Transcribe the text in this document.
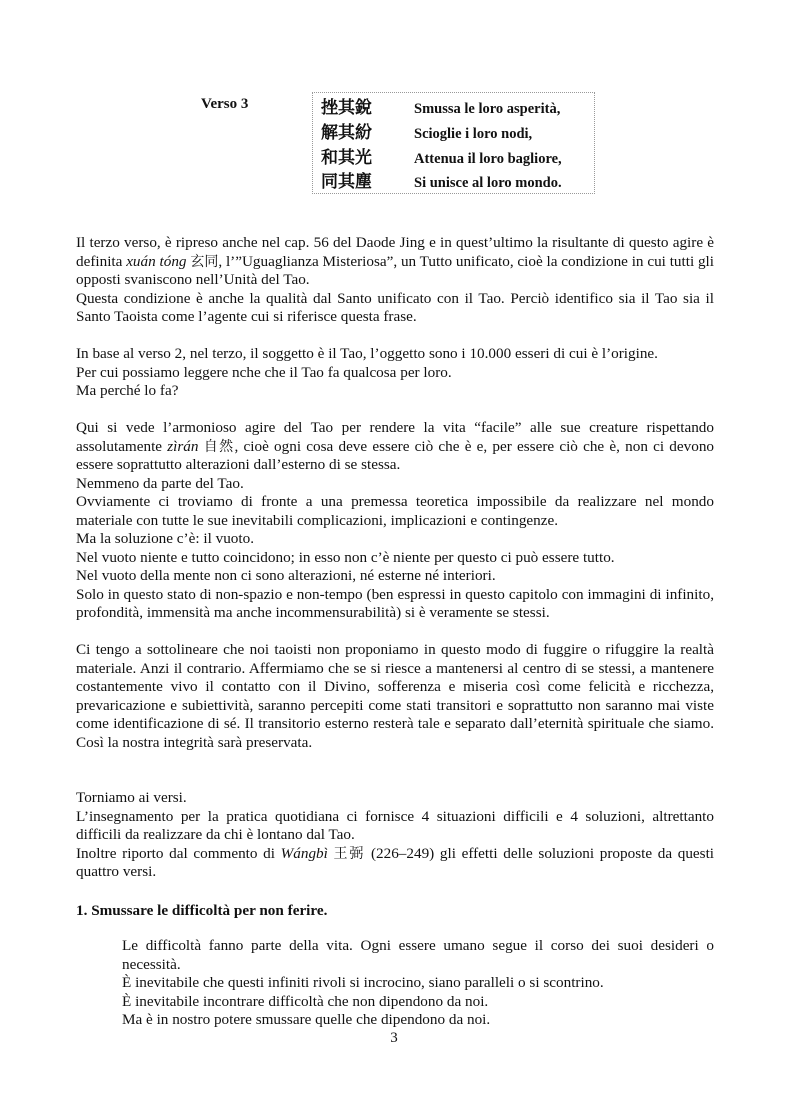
Verso 3	挫其銳	Smussa le loro asperità,
解其紛	Scioglie i loro nodi,
和其光	Attenua il loro bagliore,
同其塵	Si unisce al loro mondo.

Il terzo verso, è ripreso anche nel cap. 56 del Daode Jing e in quest’ultimo la risultante di questo agire è definita xuán tóng 玄同, l’”Uguaglianza Misteriosa”, un Tutto unificato, cioè la condizione in cui tutti gli opposti svaniscono nell’Unità del Tao.

Questa condizione è anche la qualità dal Santo unificato con il Tao. Perciò identifico sia il Tao sia il Santo Taoista come l’agente cui si riferisce questa frase.

In base al verso 2, nel terzo, il soggetto è il Tao, l’oggetto sono i 10.000 esseri di cui è l’origine.

Per cui possiamo leggere nche che il Tao fa qualcosa per loro.

Ma perché lo fa?

Qui si vede l’armonioso agire del Tao per rendere la vita “facile” alle sue creature rispettando assolutamente zìrán 自然, cioè ogni cosa deve essere ciò che è e, per essere ciò che è, non ci devono essere soprattutto alterazioni dall’esterno di se stessa.

Nemmeno da parte del Tao.

Ovviamente ci troviamo di fronte a una premessa teoretica impossibile da realizzare nel mondo materiale con tutte le sue inevitabili complicazioni, implicazioni e contingenze.

Ma la soluzione c’è: il vuoto.

Nel vuoto niente e tutto coincidono; in esso non c’è niente per questo ci può essere tutto.

Nel vuoto della mente non ci sono alterazioni, né esterne né interiori.

Solo in questo stato di non-spazio e non-tempo (ben espressi in questo capitolo con immagini di infinito, profondità, immensità ma anche incommensurabilità) si è veramente se stessi.

Ci tengo a sottolineare che noi taoisti non proponiamo in questo modo di fuggire o rifuggire la realtà materiale. Anzi il contrario. Affermiamo che se si riesce a mantenersi al centro di se stessi, a mantenere costantemente vivo il contatto con il Divino, sofferenza e miseria così come felicità e ricchezza, prevaricazione e subiettività, saranno percepiti come stati transitori e soprattutto non saranno mai viste come identificazione di sé. Il transitorio esterno resterà tale e separato dall’eternità spirituale che siamo. Così la nostra integrità sarà preservata.

Torniamo ai versi.

L’insegnamento per la pratica quotidiana ci fornisce 4 situazioni difficili e 4 soluzioni, altrettanto difficili da realizzare da chi è lontano dal Tao.

Inoltre riporto dal commento di Wángbì 王弼 (226–249) gli effetti delle soluzioni proposte da questi quattro versi.

1. Smussare le difficoltà per non ferire.

Le difficoltà fanno parte della vita. Ogni essere umano segue il corso dei suoi desideri o necessità.

È inevitabile che questi infiniti rivoli si incrocino, siano paralleli o si scontrino.

È inevitabile incontrare difficoltà che non dipendono da noi.

Ma è in nostro potere smussare quelle che dipendono da noi.

3
